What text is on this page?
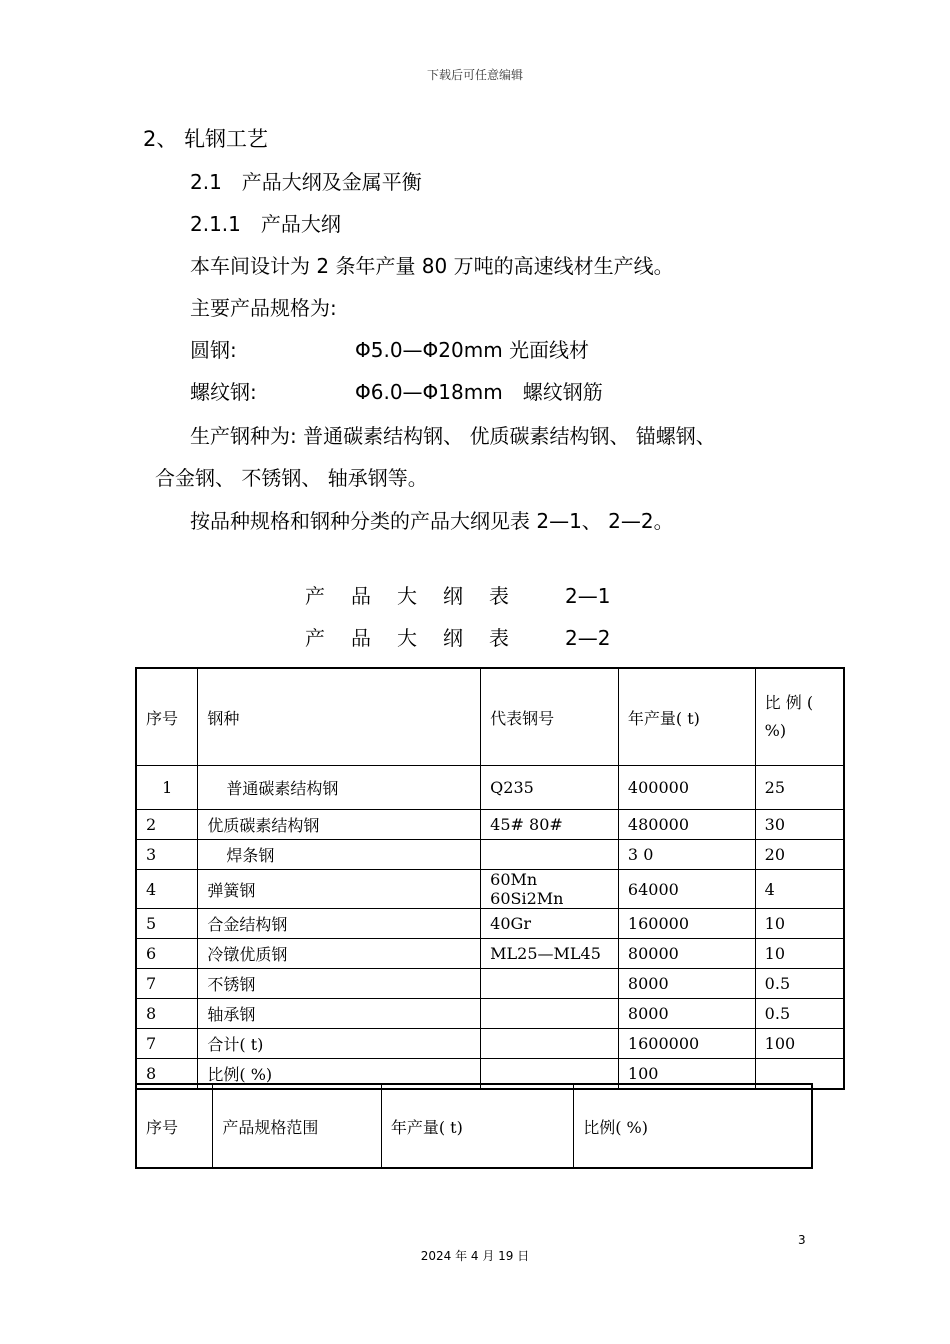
下载后可任意编辑
2、 轧钢工艺
2.1　产品大纲及金属平衡
2.1.1　产品大纲
本车间设计为 2 条年产量 80 万吨的高速线材生产线。
主要产品规格为:
圆钢:	Φ5.0—Φ20mm 光面线材
螺纹钢:	Φ6.0—Φ18mm　螺纹钢筋
生产钢种为: 普通碳素结构钢、 优质碳素结构钢、 锚螺钢、
合金钢、 不锈钢、 轴承钢等。
按品种规格和钢种分类的产品大纲见表 2—1、 2—2。
产 品 大 纲 表	2—1
产 品 大 纲 表	2—2
序号	钢种	代表钢号	年产量( t)	比 例 ( %)
1	普通碳素结构钢	Q235	400000	25
2	优质碳素结构钢	45# 80#	480000	30
3	焊条钢		3 0	20
4	弹簧钢	60Mn 60Si2Mn	64000	4
5	合金结构钢	40Gr	160000	10
6	冷镦优质钢	ML25—ML45	80000	10
7	不锈钢		8000	0.5
8	轴承钢		8000	0.5
7	合计( t)		1600000	100
8	比例( %)		100	
序号	产品规格范围	年产量( t)	比例( %)
3
2024 年 4 月 19 日
